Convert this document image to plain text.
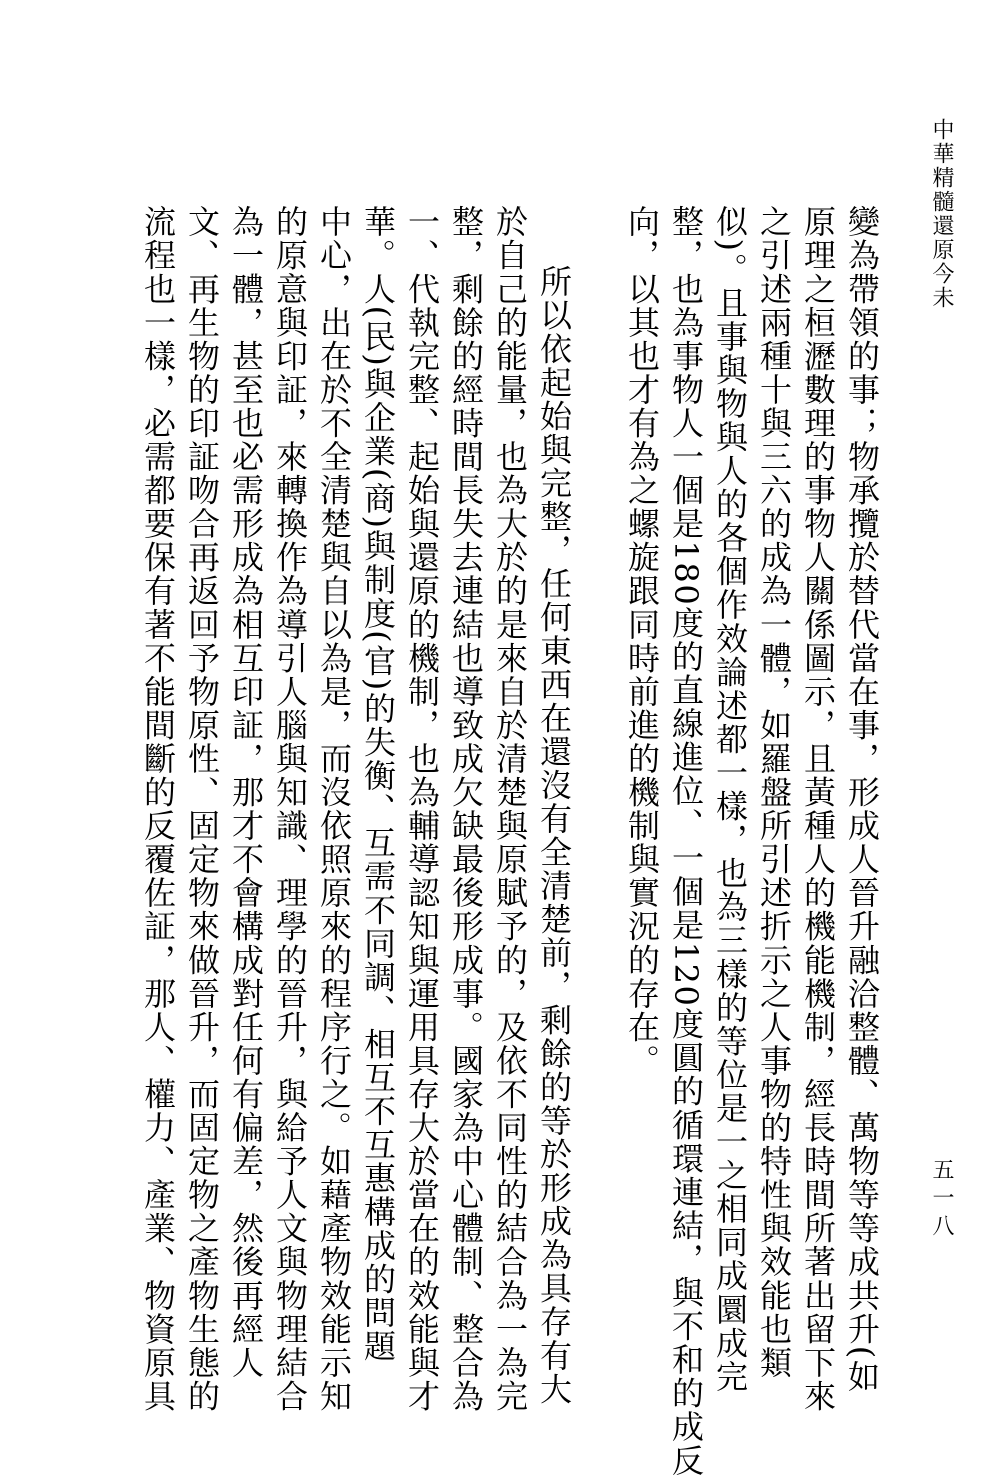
中華精髓還原今未
變為帶領的事；物承攬於替代當在事，形成人晉升融洽整體、萬物等等成共升(如
原理之桓瀝數理的事物人關係圖示，且黃種人的機能機制，經長時間所著出留下來
之引述兩種十與三六的成為一體，如羅盤所引述折示之人事物的特性與效能也類
似)。且事與物與人的各個作效論述都一樣，也為三樣的等位是一之相同成圜成完
整，也為事物人一個是180度的直線進位、一個是120度圓的循環連結，與不和的成反
向，以其也才有為之螺旋跟同時前進的機制與實況的存在。
所以依起始與完整，任何東西在還沒有全清楚前，剩餘的等於形成為具存有大
於自己的能量，也為大於的是來自於清楚與原賦予的，及依不同性的結合為一為完
整，剩餘的經時間長失去連結也導致成欠缺最後形成事。國家為中心體制、整合為
一、代執完整、起始與還原的機制，也為輔導認知與運用具存大於當在的效能與才
華。人(民)與企業(商)與制度(官)的失衡、互需不同調、相互不互惠構成的問題
中心，出在於不全清楚與自以為是，而沒依照原來的程序行之。如藉產物效能示知
的原意與印証，來轉換作為導引人腦與知識、理學的晉升，與給予人文與物理結合
為一體，甚至也必需形成為相互印証，那才不會構成對任何有偏差，然後再經人
文、再生物的印証吻合再返回予物原性、固定物來做晉升，而固定物之產物生態的
流程也一樣，必需都要保有著不能間斷的反覆佐証，那人、權力、產業、物資原具	五一八
